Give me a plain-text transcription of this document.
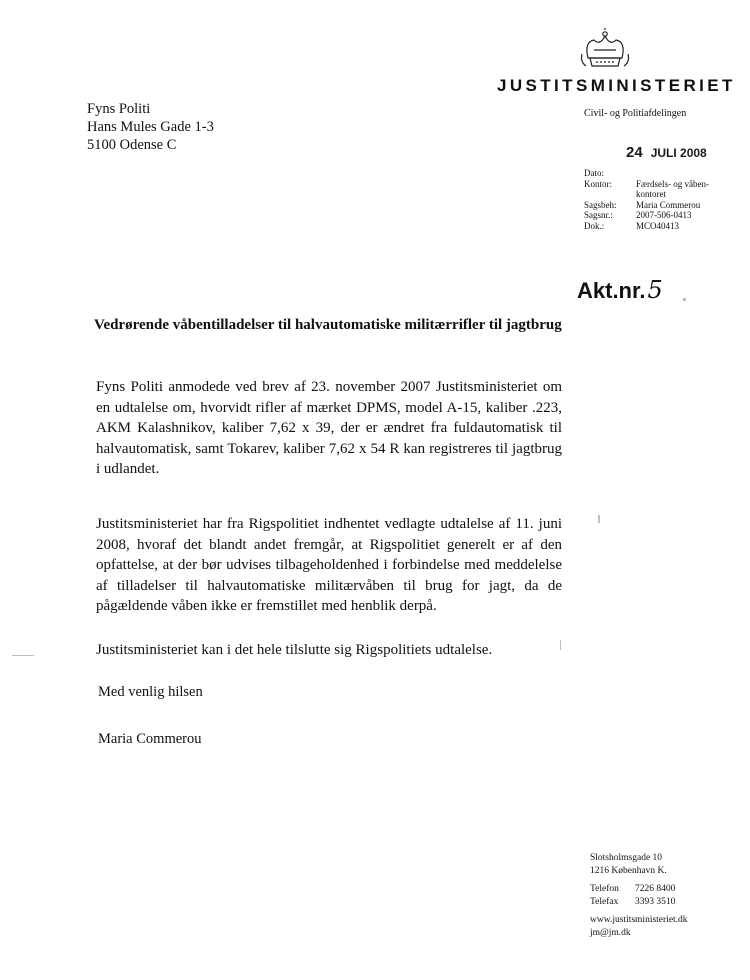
Fyns Politi
Hans Mules Gade 1-3
5100 Odense C
JUSTITSMINISTERIET
Civil- og Politiafdelingen
24 JULI 2008
Dato:
Kontor:	Færdsels- og våben-
kontoret
Sagsbeh:	Maria Commerou
Sagsnr.:	2007-506-0413
Dok.:	MCO40413
Akt.nr.5
Vedrørende våbentilladelser til halvautomatiske militærrifler til jagtbrug
Fyns Politi anmodede ved brev af 23. november 2007 Justitsministeriet om en udtalelse om, hvorvidt rifler af mærket DPMS, model A-15, kaliber .223, AKM Kalashnikov, kaliber 7,62 x 39, der er ændret fra fuldautomatisk til halvautomatisk, samt Tokarev, kaliber 7,62 x 54 R kan registreres til jagtbrug i udlandet.
Justitsministeriet har fra Rigspolitiet indhentet vedlagte udtalelse af 11. juni 2008, hvoraf det blandt andet fremgår, at Rigspolitiet generelt er af den opfattelse, at der bør udvises tilbageholdenhed i forbindelse med meddelelse af tilladelser til halvautomatiske militærvåben til brug for jagt, da de pågældende våben ikke er fremstillet med henblik derpå.
Justitsministeriet kan i det hele tilslutte sig Rigspolitiets udtalelse.
Med venlig hilsen
Maria Commerou
Slotsholmsgade 10
1216 København K.
Telefon	7226 8400
Telefax	3393 3510
www.justitsministeriet.dk
jm@jm.dk
